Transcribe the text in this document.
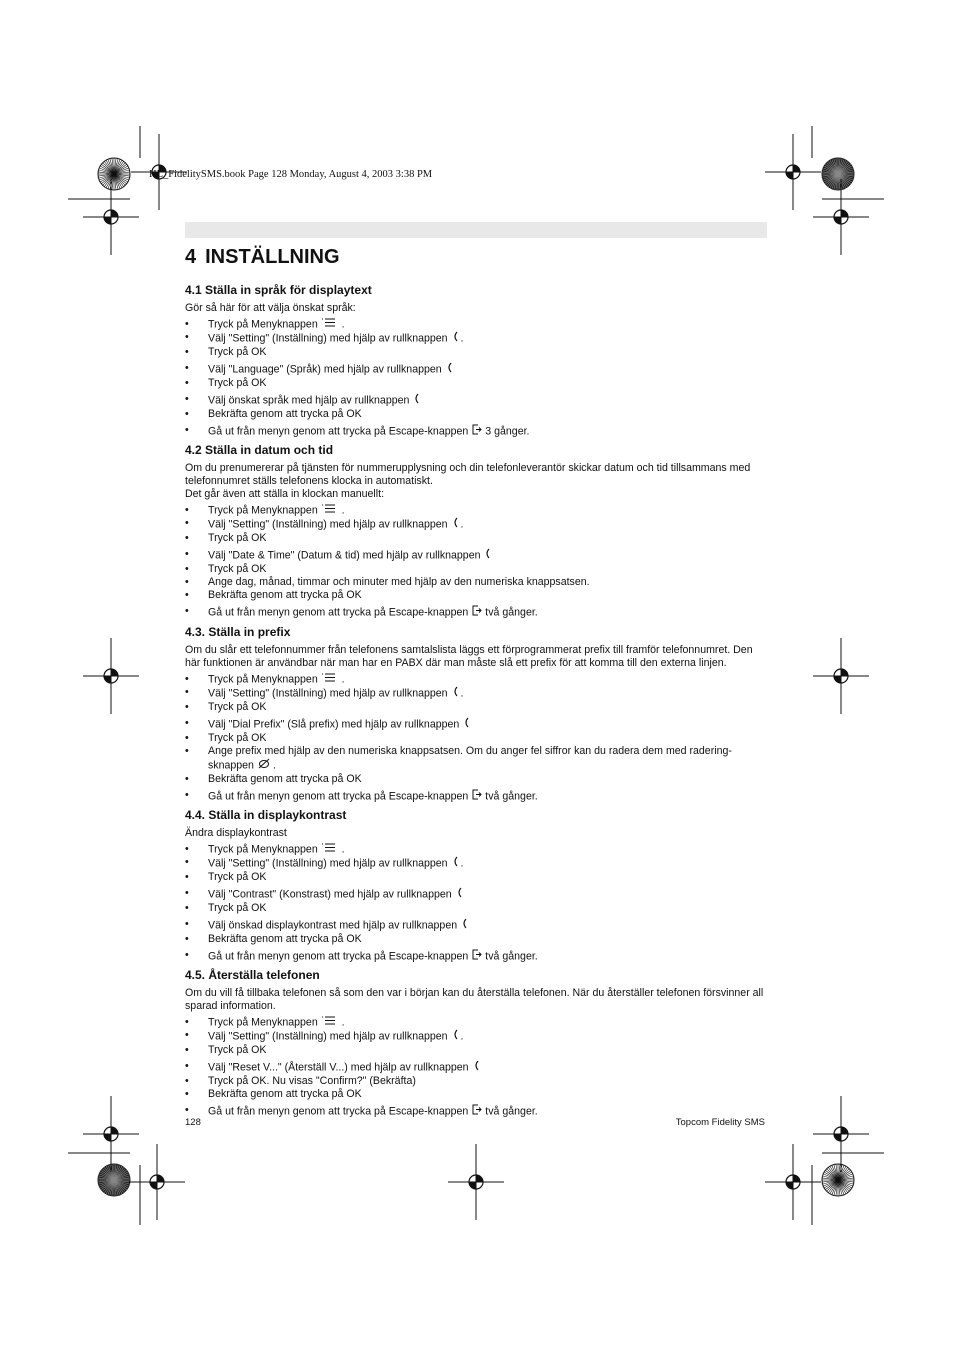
HL_FidelitySMS.book Page 128 Monday, August 4, 2003 3:38 PM
4 INSTÄLLNING
4.1 Ställa in språk för displaytext

Gör så här för att välja önskat språk:

• Tryck på Menyknappen .
• Välj "Setting" (Inställning) med hjälp av rullknappen .
• Tryck på OK
• Välj "Language" (Språk) med hjälp av rullknappen
• Tryck på OK
• Välj önskat språk med hjälp av rullknappen
• Bekräfta genom att trycka på OK
• Gå ut från menyn genom att trycka på Escape-knappen 3 gånger.
4.2 Ställa in datum och tid

Om du prenumererar på tjänsten för nummerupplysning och din telefonleverantör skickar datum och tid tillsammans med telefonnumret ställs telefonens klocka in automatiskt.

Det går även att ställa in klockan manuellt:

• Tryck på Menyknappen .
• Välj "Setting" (Inställning) med hjälp av rullknappen .
• Tryck på OK
• Välj "Date & Time" (Datum & tid) med hjälp av rullknappen
• Tryck på OK
• Ange dag, månad, timmar och minuter med hjälp av den numeriska knappsatsen.
• Bekräfta genom att trycka på OK
• Gå ut från menyn genom att trycka på Escape-knappen två gånger.
4.3. Ställa in prefix

Om du slår ett telefonnummer från telefonens samtalslista läggs ett förprogrammerat prefix till framför telefonnumret. Den här funktionen är användbar när man har en PABX där man måste slå ett prefix för att komma till den externa linjen.

• Tryck på Menyknappen .
• Välj "Setting" (Inställning) med hjälp av rullknappen .
• Tryck på OK
• Välj "Dial Prefix" (Slå prefix) med hjälp av rullknappen
• Tryck på OK
• Ange prefix med hjälp av den numeriska knappsatsen. Om du anger fel siffror kan du radera dem med radering-sknappen .
• Bekräfta genom att trycka på OK
• Gå ut från menyn genom att trycka på Escape-knappen två gånger.
4.4. Ställa in displaykontrast

Ändra displaykontrast

• Tryck på Menyknappen .
• Välj "Setting" (Inställning) med hjälp av rullknappen .
• Tryck på OK
• Välj "Contrast" (Konstrast) med hjälp av rullknappen
• Tryck på OK
• Välj önskad displaykontrast med hjälp av rullknappen
• Bekräfta genom att trycka på OK
• Gå ut från menyn genom att trycka på Escape-knappen två gånger.
4.5. Återställa telefonen

Om du vill få tillbaka telefonen så som den var i början kan du återställa telefonen. När du återställer telefonen försvinner all sparad information.

• Tryck på Menyknappen .
• Välj "Setting" (Inställning) med hjälp av rullknappen .
• Tryck på OK
• Välj "Reset V..." (Återställ V...) med hjälp av rullknappen
• Tryck på OK. Nu visas "Confirm?" (Bekräfta)
• Bekräfta genom att trycka på OK
• Gå ut från menyn genom att trycka på Escape-knappen två gånger.
128	Topcom Fidelity SMS
